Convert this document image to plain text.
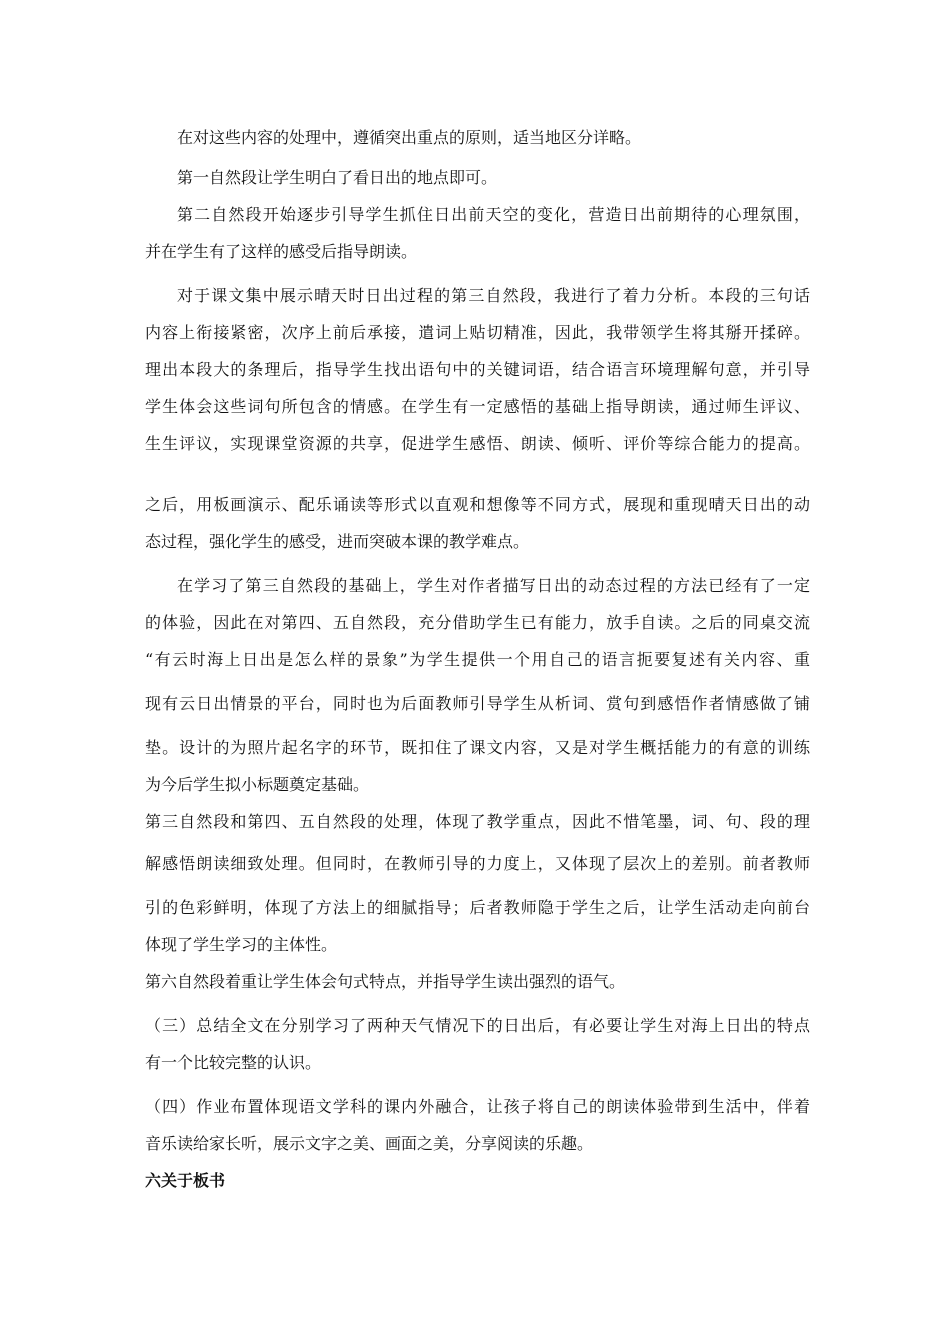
在对这些内容的处理中，遵循突出重点的原则，适当地区分详略。
第一自然段让学生明白了看日出的地点即可。
第二自然段开始逐步引导学生抓住日出前天空的变化，营造日出前期待的心理氛围，
并在学生有了这样的感受后指导朗读。
对于课文集中展示晴天时日出过程的第三自然段，我进行了着力分析。本段的三句话
内容上衔接紧密，次序上前后承接，遣词上贴切精准，因此，我带领学生将其掰开揉碎。
理出本段大的条理后，指导学生找出语句中的关键词语，结合语言环境理解句意，并引导
学生体会这些词句所包含的情感。在学生有一定感悟的基础上指导朗读，通过师生评议、
生生评议，实现课堂资源的共享，促进学生感悟、朗读、倾听、评价等综合能力的提高。
之后，用板画演示、配乐诵读等形式以直观和想像等不同方式，展现和重现晴天日出的动
态过程，强化学生的感受，进而突破本课的教学难点。
在学习了第三自然段的基础上，学生对作者描写日出的动态过程的方法已经有了一定
的体验，因此在对第四、五自然段，充分借助学生已有能力，放手自读。之后的同桌交流
“有云时海上日出是怎么样的景象”为学生提供一个用自己的语言扼要复述有关内容、重
现有云日出情景的平台，同时也为后面教师引导学生从析词、赏句到感悟作者情感做了铺
垫。设计的为照片起名字的环节，既扣住了课文内容，又是对学生概括能力的有意的训练
为今后学生拟小标题奠定基础。
第三自然段和第四、五自然段的处理，体现了教学重点，因此不惜笔墨，词、句、段的理
解感悟朗读细致处理。但同时，在教师引导的力度上，又体现了层次上的差别。前者教师
引的色彩鲜明，体现了方法上的细腻指导；后者教师隐于学生之后，让学生活动走向前台
体现了学生学习的主体性。
第六自然段着重让学生体会句式特点，并指导学生读出强烈的语气。
（三）总结全文在分别学习了两种天气情况下的日出后，有必要让学生对海上日出的特点
有一个比较完整的认识。
（四）作业布置体现语文学科的课内外融合，让孩子将自己的朗读体验带到生活中，伴着
音乐读给家长听，展示文字之美、画面之美，分享阅读的乐趣。
六关于板书
